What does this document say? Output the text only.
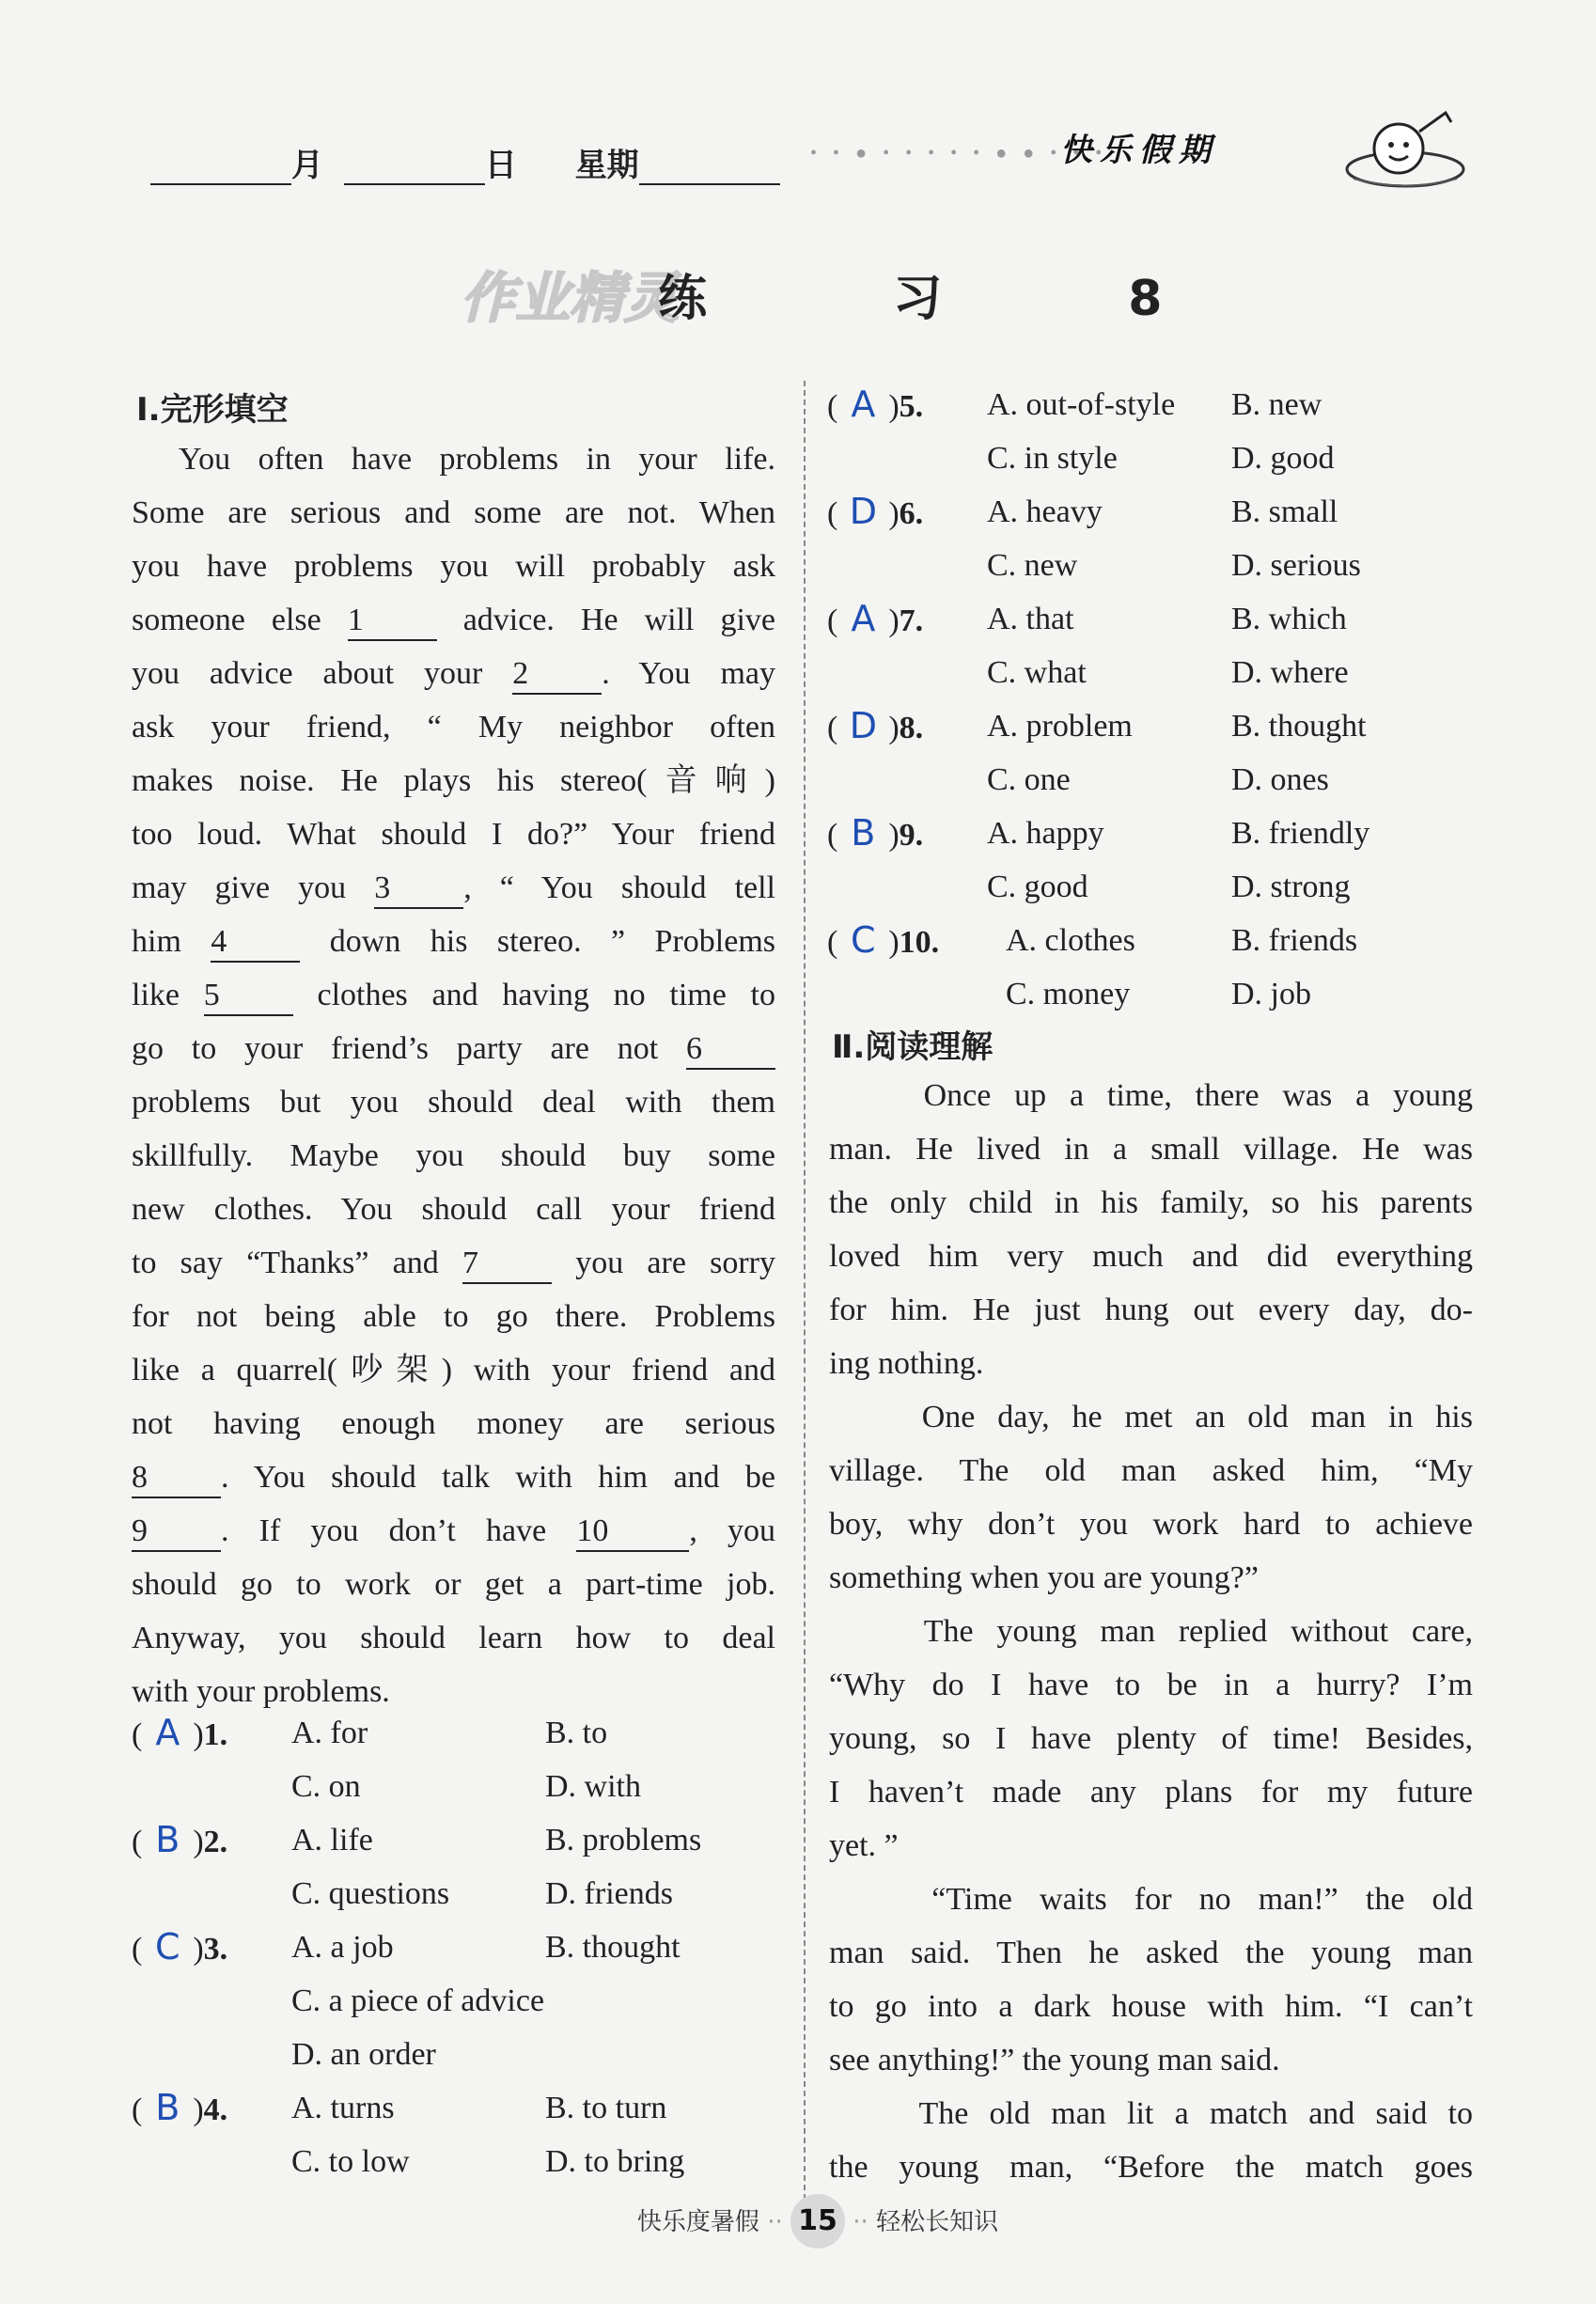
月	日 星期	• • ● • • • • • ● ● • • •
快乐假期
作业精灵
练 习 8
Ⅰ.完形填空
You often have problems in your life.
Some are serious and some are not. When
you have problems you will probably ask
someone else 1 advice. He will give
you advice about your 2 . You may
ask your friend, “ My neighbor often
makes noise. He plays his stereo(音响)
too loud. What should I do?” Your friend
may give you 3 , “ You should tell
him 4 down his stereo. ” Problems
like 5 clothes and having no time to
go to your friend’s party are not 6
problems but you should deal with them
skillfully. Maybe you should buy some
new clothes. You should call your friend
to say “Thanks” and 7 you are sorry
for not being able to go there. Problems
like a quarrel(吵架) with your friend and
not having enough money are serious
8 . You should talk with him and be
9 . If you don’t have 10	, you
should go to work or get a part-time job.
Anyway, you should learn how to deal
with your problems.
( A )1. A. for	B. to
C. on	D. with
( B )2. A. life	B. problems
C. questions	D. friends
( C )3. A. a job	B. thought
C. a piece of advice
D. an order
( B )4. A. turns	B. to turn
C. to low	D. to bring
( A )5. A. out-of-style B. new
C. in style	D. good
( D )6. A. heavy	B. small
C. new	D. serious
( A )7. A. that	B. which
C. what	D. where
( D )8. A. problem	B. thought
C. one	D. ones
( B )9. A. happy	B. friendly
C. good	D. strong
( C )10. A. clothes	B. friends
C. money	D. job
Ⅱ.阅读理解
　　Once up a time, there was a young
man. He lived in a small village. He was
the only child in his family, so his parents
loved him very much and did everything
for him. He just hung out every day, do-
ing nothing.
　　One day, he met an old man in his
village. The old man asked him, “My
boy, why don’t you work hard to achieve
something when you are young?”
　　The young man replied without care,
“Why do I have to be in a hurry? I’m
young, so I have plenty of time! Besides,
I haven’t made any plans for my future
yet. ”
　　“Time waits for no man!” the old
man said. Then he asked the young man
to go into a dark house with him. “I can’t
see anything!” the young man said.
　　The old man lit a match and said to
the young man, “Before the match goes
快乐度暑假 ·· 15 ·· 轻松长知识
